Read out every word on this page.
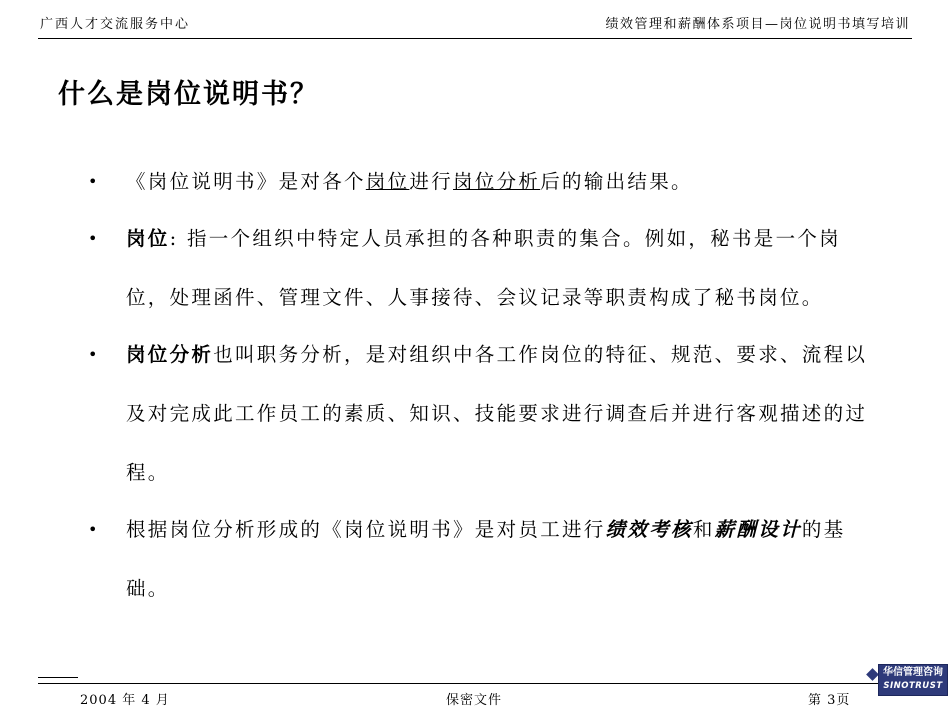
广西人才交流服务中心	绩效管理和薪酬体系项目—岗位说明书填写培训
什么是岗位说明书？
• 《岗位说明书》是对各个岗位进行岗位分析后的输出结果。
• 岗位: 指一个组织中特定人员承担的各种职责的集合。例如，秘书是一个岗位，处理函件、管理文件、人事接待、会议记录等职责构成了秘书岗位。
• 岗位分析也叫职务分析，是对组织中各工作岗位的特征、规范、要求、流程以及对完成此工作员工的素质、知识、技能要求进行调查后并进行客观描述的过程。
• 根据岗位分析形成的《岗位说明书》是对员工进行绩效考核和薪酬设计的基础。
2004 年 4 月	保密文件	第 3页
华信管理咨询
SINOTRUST
